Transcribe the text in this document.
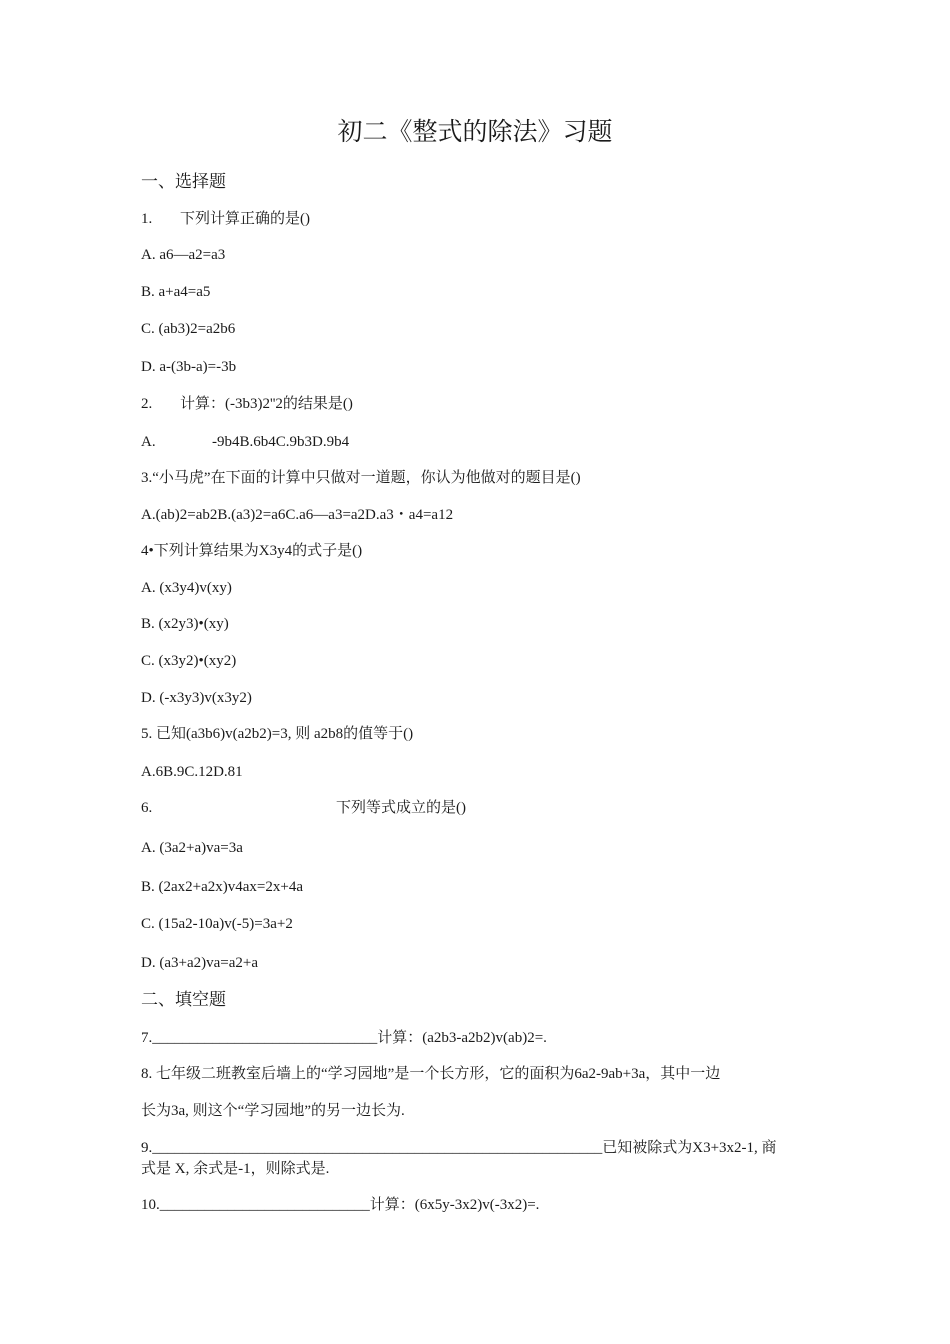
初二《整式的除法》习题
一、选择题
1. 下列计算正确的是()
A. a6—a2=a3
B. a+a4=a5
C. (ab3)2=a2b6
D. a-(3b-a)=-3b
2. 计算：(-3b3)2''2的结果是()
A.	-9b4B.6b4C.9b3D.9b4
3.“小马虎”在下面的计算中只做对一道题，你认为他做对的题目是()
A.(ab)2=ab2B.(a3)2=a6C.a6—a3=a2D.a3・a4=a12
4•下列计算结果为X3y4的式子是()
A. (x3y4)v(xy)
B. (x2y3)•(xy)
C. (x3y2)•(xy2)
D. (-x3y3)v(x3y2)
5. 已知(a3b6)v(a2b2)=3, 则 a2b8的值等于()
A.6B.9C.12D.81
6.	下列等式成立的是()
A. (3a2+a)va=3a
B. (2ax2+a2x)v4ax=2x+4a
C. (15a2-10a)v(-5)=3a+2
D. (a3+a2)va=a2+a
二、填空题
7.______________________________计算：(a2b3-a2b2)v(ab)2=.
8. 七年级二班教室后墙上的“学习园地”是一个长方形，它的面积为6a2-9ab+3a，其中一边
长为3a, 则这个“学习园地”的另一边长为.
9.____________________________________________________________已知被除式为X3+3x2-1, 商
式是 X, 余式是-1，则除式是.
10.____________________________计算：(6x5y-3x2)v(-3x2)=.
